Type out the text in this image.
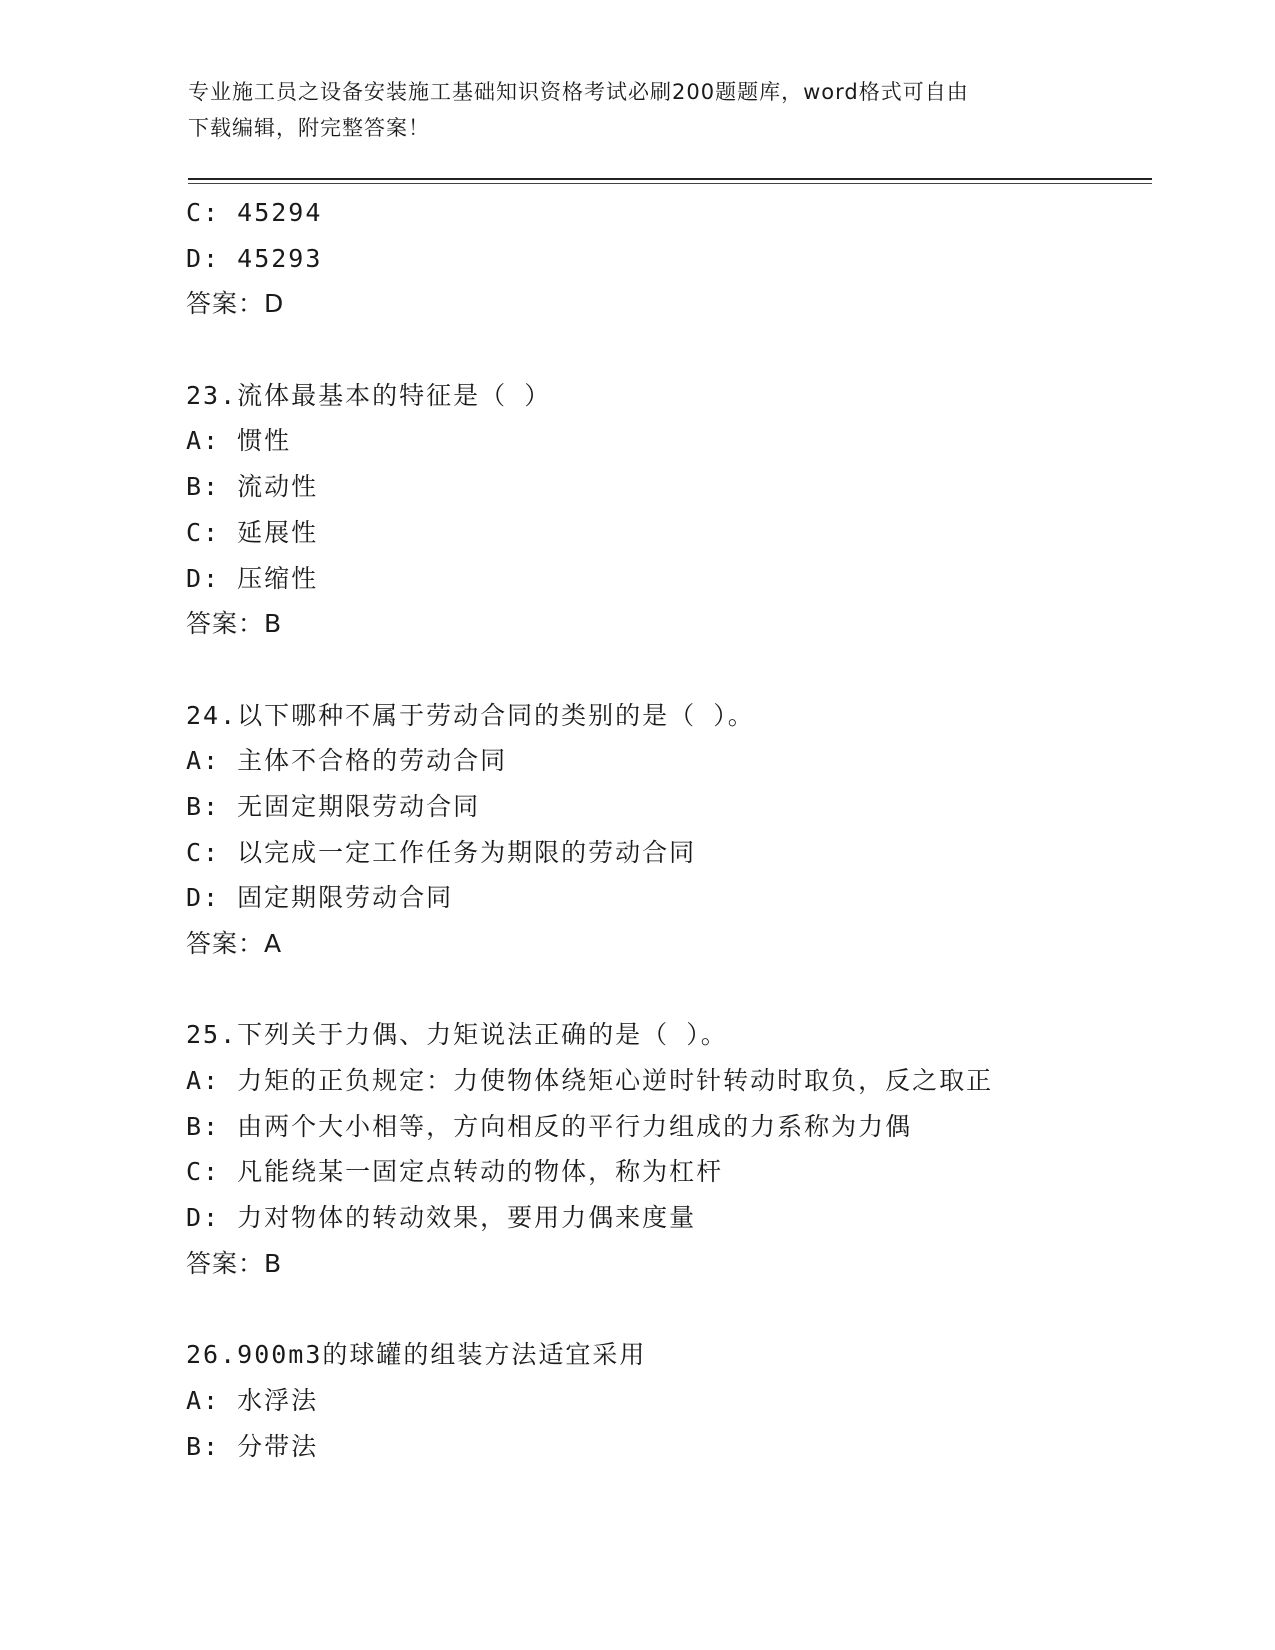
专业施工员之设备安装施工基础知识资格考试必刷200题题库，word格式可自由
下载编辑，附完整答案！
C: 45294
D: 45293
答案：D
23.流体最基本的特征是（ ）
A: 惯性
B: 流动性
C: 延展性
D: 压缩性
答案：B
24.以下哪种不属于劳动合同的类别的是（ ）。
A: 主体不合格的劳动合同
B: 无固定期限劳动合同
C: 以完成一定工作任务为期限的劳动合同
D: 固定期限劳动合同
答案：A
25.下列关于力偶、力矩说法正确的是（ ）。
A: 力矩的正负规定：力使物体绕矩心逆时针转动时取负，反之取正
B: 由两个大小相等，方向相反的平行力组成的力系称为力偶
C: 凡能绕某一固定点转动的物体，称为杠杆
D: 力对物体的转动效果，要用力偶来度量
答案：B
26.900m3的球罐的组装方法适宜采用
A: 水浮法
B: 分带法
